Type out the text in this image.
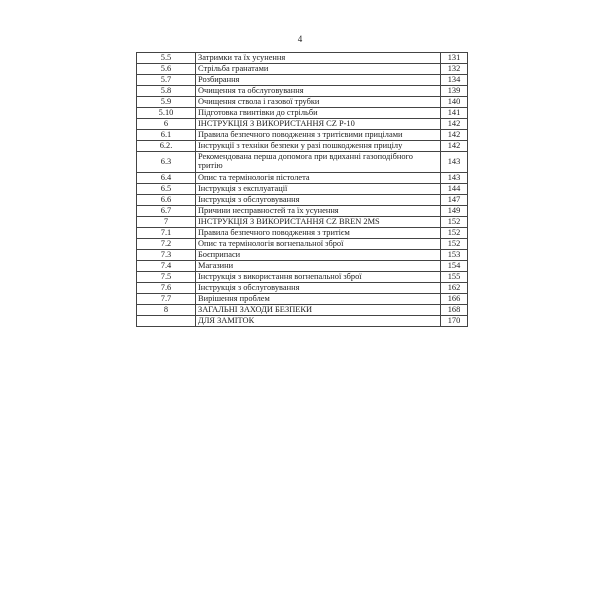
4
5.5	Затримки та їх усунення	131
5.6	Стрільба гранатами	132
5.7	Розбирання	134
5.8	Очищення та обслуговування	139
5.9	Очищення ствола і газової трубки	140
5.10	Підготовка гвинтівки до стрільби	141
6	ІНСТРУКЦІЯ З ВИКОРИСТАННЯ CZ P-10	142
6.1	Правила безпечного поводження з тритієвими прицілами	142
6.2.	Інструкції з техніки безпеки у разі пошкодження прицілу	142
6.3	Рекомендована перша допомога при вдиханні газоподібного тритію	143
6.4	Опис та термінологія пістолета	143
6.5	Інструкція з експлуатації	144
6.6	Інструкція з обслуговування	147
6.7	Причини несправностей та їх усунення	149
7	ІНСТРУКЦІЯ З ВИКОРИСТАННЯ CZ BREN 2MS	152
7.1	Правила безпечного поводження з тритієм	152
7.2	Опис та термінологія вогнепальної зброї	152
7.3	Боєприпаси	153
7.4	Магазини	154
7.5	Інструкція з використання вогнепальної зброї	155
7.6	Інструкція з обслуговування	162
7.7	Вирішення проблем	166
8	ЗАГАЛЬНІ ЗАХОДИ БЕЗПЕКИ	168
	ДЛЯ ЗАМІТОК	170
